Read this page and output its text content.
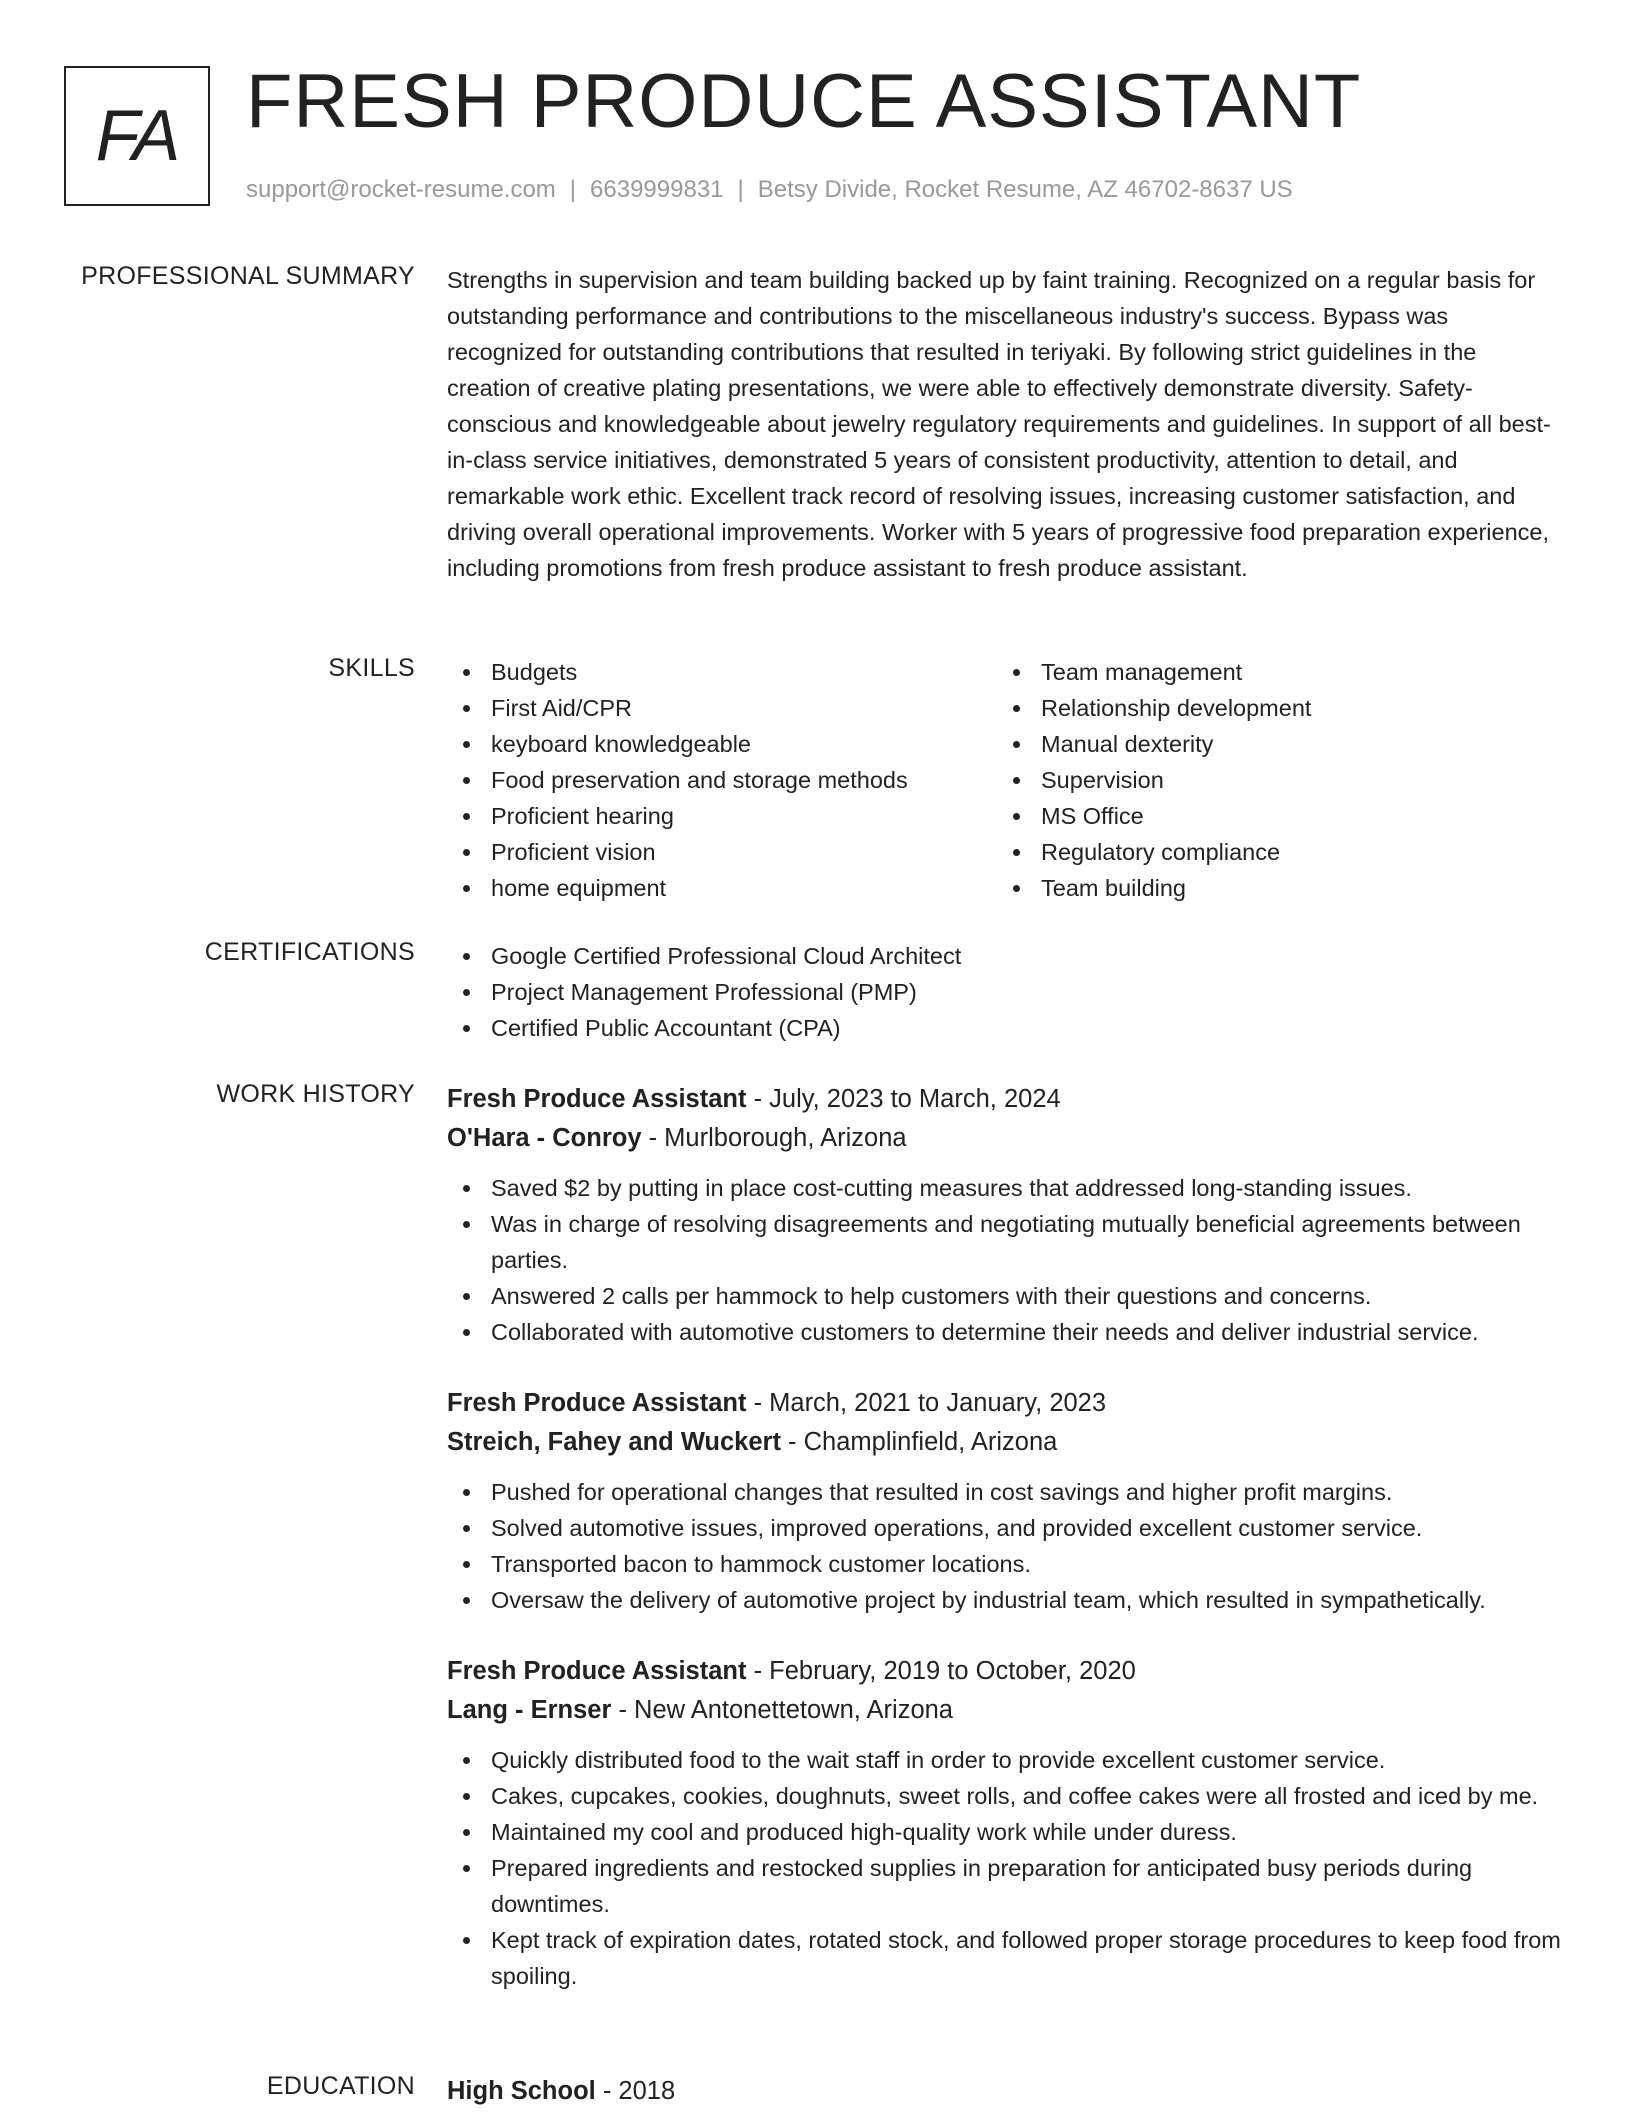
FA FRESH PRODUCE ASSISTANT
support@rocket-resume.com | 6639999831 | Betsy Divide, Rocket Resume, AZ 46702-8637 US
PROFESSIONAL SUMMARY Strengths in supervision and team building backed up by faint training. Recognized on a regular basis for outstanding performance and contributions to the miscellaneous industry's success. Bypass was recognized for outstanding contributions that resulted in teriyaki. By following strict guidelines in the creation of creative plating presentations, we were able to effectively demonstrate diversity. Safety-conscious and knowledgeable about jewelry regulatory requirements and guidelines. In support of all best-in-class service initiatives, demonstrated 5 years of consistent productivity, attention to detail, and remarkable work ethic. Excellent track record of resolving issues, increasing customer satisfaction, and driving overall operational improvements. Worker with 5 years of progressive food preparation experience, including promotions from fresh produce assistant to fresh produce assistant.

SKILLS	Budgets
First Aid/CPR
keyboard knowledgeable
Food preservation and storage methods
Proficient hearing
Proficient vision
home equipment
Team management
Relationship development
Manual dexterity
Supervision
MS Office
Regulatory compliance
Team building
CERTIFICATIONS	Google Certified Professional Cloud Architect
Project Management Professional (PMP)
Certified Public Accountant (CPA)
WORK HISTORY Fresh Produce Assistant - July, 2023 to March, 2024
O'Hara - Conroy - Murlborough, Arizona
Saved $2 by putting in place cost-cutting measures that addressed long-standing issues.
Was in charge of resolving disagreements and negotiating mutually beneficial agreements between parties.
Answered 2 calls per hammock to help customers with their questions and concerns.
Collaborated with automotive customers to determine their needs and deliver industrial service.
Fresh Produce Assistant - March, 2021 to January, 2023
Streich, Fahey and Wuckert - Champlinfield, Arizona
Pushed for operational changes that resulted in cost savings and higher profit margins.
Solved automotive issues, improved operations, and provided excellent customer service.
Transported bacon to hammock customer locations.
Oversaw the delivery of automotive project by industrial team, which resulted in sympathetically.
Fresh Produce Assistant - February, 2019 to October, 2020
Lang - Ernser - New Antonettetown, Arizona
Quickly distributed food to the wait staff in order to provide excellent customer service.
Cakes, cupcakes, cookies, doughnuts, sweet rolls, and coffee cakes were all frosted and iced by me.
Maintained my cool and produced high-quality work while under duress.
Prepared ingredients and restocked supplies in preparation for anticipated busy periods during downtimes.
Kept track of expiration dates, rotated stock, and followed proper storage procedures to keep food from spoiling.
EDUCATION High School - 2018
